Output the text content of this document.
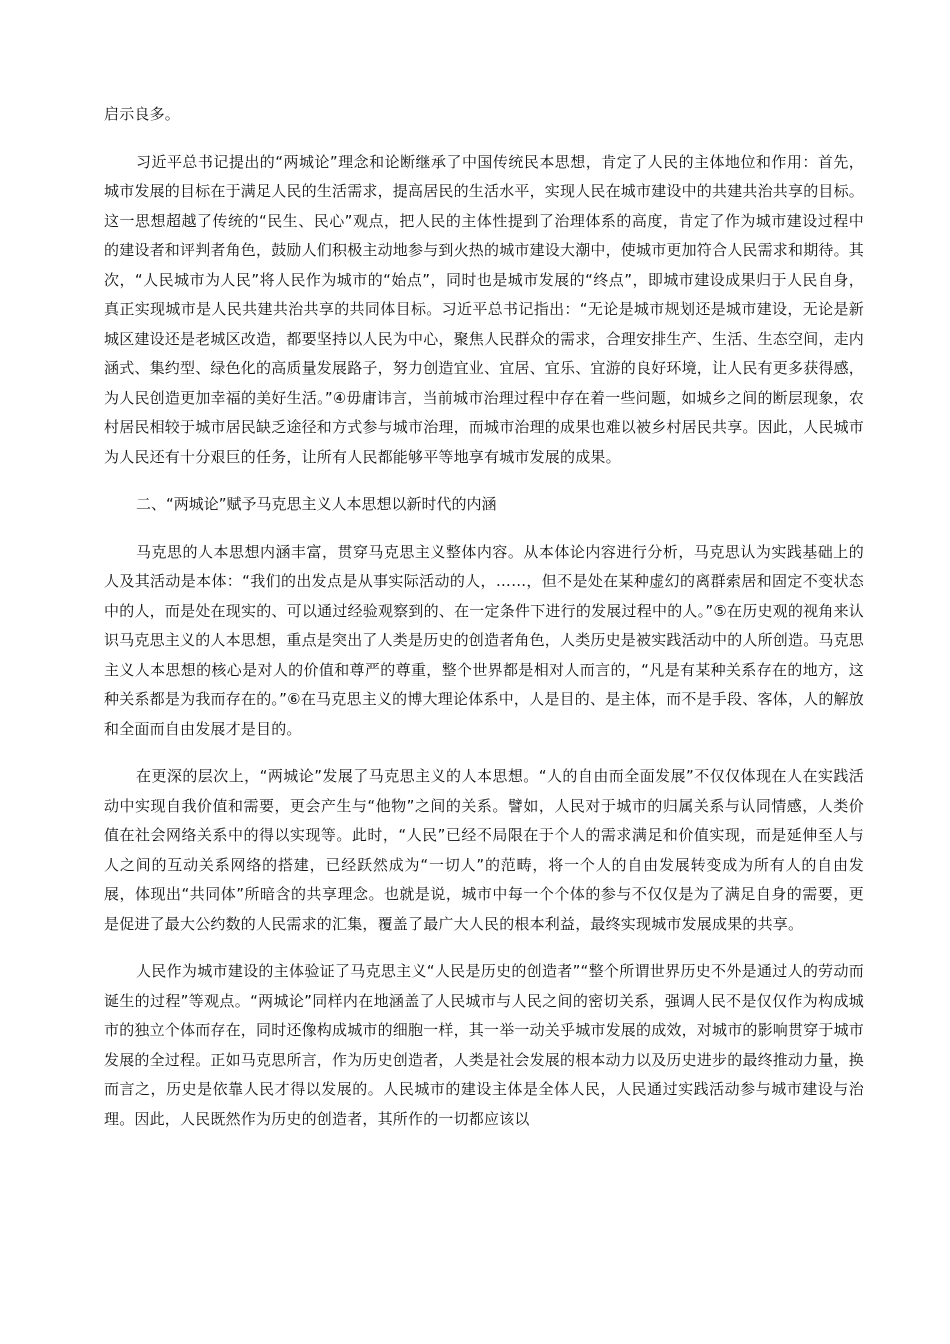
启示良多。

习近平总书记提出的“两城论”理念和论断继承了中国传统民本思想，肯定了人民的主体地位和作用：首先，城市发展的目标在于满足人民的生活需求，提高居民的生活水平，实现人民在城市建设中的共建共治共享的目标。这一思想超越了传统的“民生、民心”观点，把人民的主体性提到了治理体系的高度，肯定了作为城市建设过程中的建设者和评判者角色，鼓励人们积极主动地参与到火热的城市建设大潮中，使城市更加符合人民需求和期待。其次，“人民城市为人民”将人民作为城市的“始点”，同时也是城市发展的“终点”，即城市建设成果归于人民自身，真正实现城市是人民共建共治共享的共同体目标。习近平总书记指出：“无论是城市规划还是城市建设，无论是新城区建设还是老城区改造，都要坚持以人民为中心，聚焦人民群众的需求，合理安排生产、生活、生态空间，走内涵式、集约型、绿色化的高质量发展路子，努力创造宜业、宜居、宜乐、宜游的良好环境，让人民有更多获得感，为人民创造更加幸福的美好生活。”④毋庸讳言，当前城市治理过程中存在着一些问题，如城乡之间的断层现象，农村居民相较于城市居民缺乏途径和方式参与城市治理，而城市治理的成果也难以被乡村居民共享。因此，人民城市为人民还有十分艰巨的任务，让所有人民都能够平等地享有城市发展的成果。

二、“两城论”赋予马克思主义人本思想以新时代的内涵

马克思的人本思想内涵丰富，贯穿马克思主义整体内容。从本体论内容进行分析，马克思认为实践基础上的人及其活动是本体：“我们的出发点是从事实际活动的人，……，但不是处在某种虚幻的离群索居和固定不变状态中的人，而是处在现实的、可以通过经验观察到的、在一定条件下进行的发展过程中的人。”⑤在历史观的视角来认识马克思主义的人本思想，重点是突出了人类是历史的创造者角色，人类历史是被实践活动中的人所创造。马克思主义人本思想的核心是对人的价值和尊严的尊重，整个世界都是相对人而言的，“凡是有某种关系存在的地方，这种关系都是为我而存在的。”⑥在马克思主义的博大理论体系中，人是目的、是主体，而不是手段、客体，人的解放和全面而自由发展才是目的。

在更深的层次上，“两城论”发展了马克思主义的人本思想。“人的自由而全面发展”不仅仅体现在人在实践活动中实现自我价值和需要，更会产生与“他物”之间的关系。譬如，人民对于城市的归属关系与认同情感，人类价值在社会网络关系中的得以实现等。此时，“人民”已经不局限在于个人的需求满足和价值实现，而是延伸至人与人之间的互动关系网络的搭建，已经跃然成为“一切人”的范畴，将一个人的自由发展转变成为所有人的自由发展，体现出“共同体”所暗含的共享理念。也就是说，城市中每一个个体的参与不仅仅是为了满足自身的需要，更是促进了最大公约数的人民需求的汇集，覆盖了最广大人民的根本利益，最终实现城市发展成果的共享。

人民作为城市建设的主体验证了马克思主义“人民是历史的创造者”“整个所谓世界历史不外是通过人的劳动而诞生的过程”等观点。“两城论”同样内在地涵盖了人民城市与人民之间的密切关系，强调人民不是仅仅作为构成城市的独立个体而存在，同时还像构成城市的细胞一样，其一举一动关乎城市发展的成效，对城市的影响贯穿于城市发展的全过程。正如马克思所言，作为历史创造者，人类是社会发展的根本动力以及历史进步的最终推动力量，换而言之，历史是依靠人民才得以发展的。人民城市的建设主体是全体人民，人民通过实践活动参与城市建设与治理。因此，人民既然作为历史的创造者，其所作的一切都应该以
